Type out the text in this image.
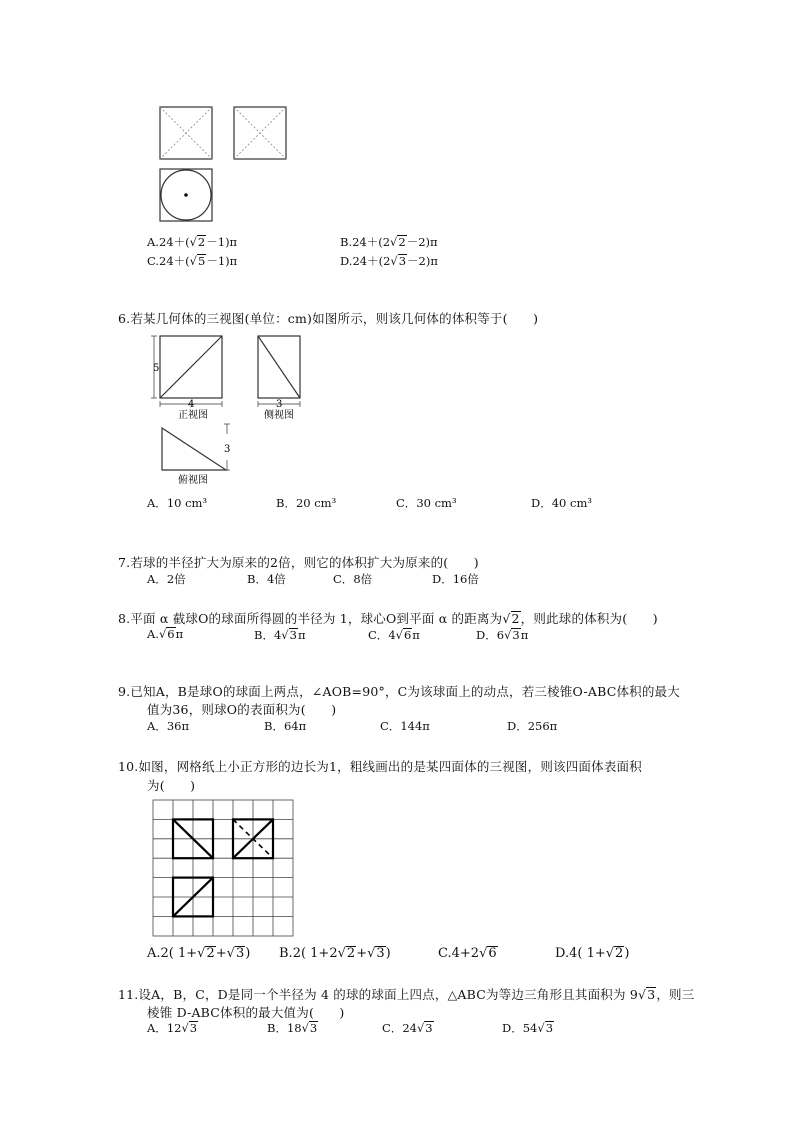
A.24＋(√2－1)π	B.24＋(2√2－2)π
C.24＋(√5－1)π	D.24＋(2√3－2)π
6.若某几何体的三视图(单位：cm)如图所示，则该几何体的体积等于(　　)
5
4	3
3
正视图	侧视图
俯视图
A．10 cm³	B．20 cm³	C．30 cm³	D．40 cm³
7.若球的半径扩大为原来的2倍，则它的体积扩大为原来的(　　)
A．2倍	B．4倍	C．8倍	D．16倍
8.平面 α 截球O的球面所得圆的半径为 1，球心O到平面 α 的距离为√2，则此球的体积为(　　)
A.√6π	B．4√3π	C．4√6π	D．6√3π
9.已知A，B是球O的球面上两点，∠AOB=90°，C为该球面上的动点，若三棱锥O-ABC体积的最大
值为36，则球O的表面积为(　　)
A．36π	B．64π	C．144π	D．256π
10.如图，网格纸上小正方形的边长为1，粗线画出的是某四面体的三视图，则该四面体表面积
为(　　)
A.2( 1+√2+√3) B.2( 1+2√2+√3)	C.4+2√6	D.4( 1+√2)
11.设A，B，C，D是同一个半径为 4 的球的球面上四点，△ABC为等边三角形且其面积为 9√3，则三
棱锥 D-ABC体积的最大值为(　　)
A．12√3	B．18√3	C．24√3	D．54√3
